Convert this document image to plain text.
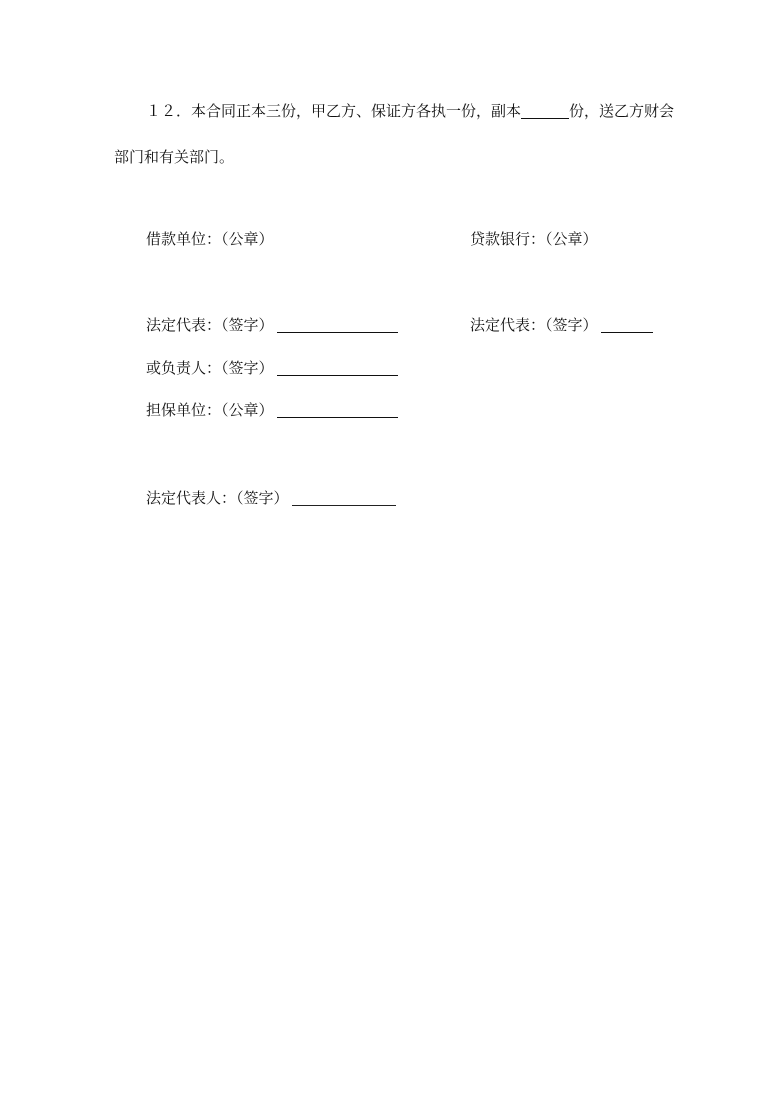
１２．本合同正本三份，甲乙方、保证方各执一份，副本	份，送乙方财会
部门和有关部门。
借款单位：（公章）	贷款银行：（公章）
法定代表：（签字）	法定代表：（签字）
或负责人：（签字）
担保单位：（公章）
法定代表人：（签字）
